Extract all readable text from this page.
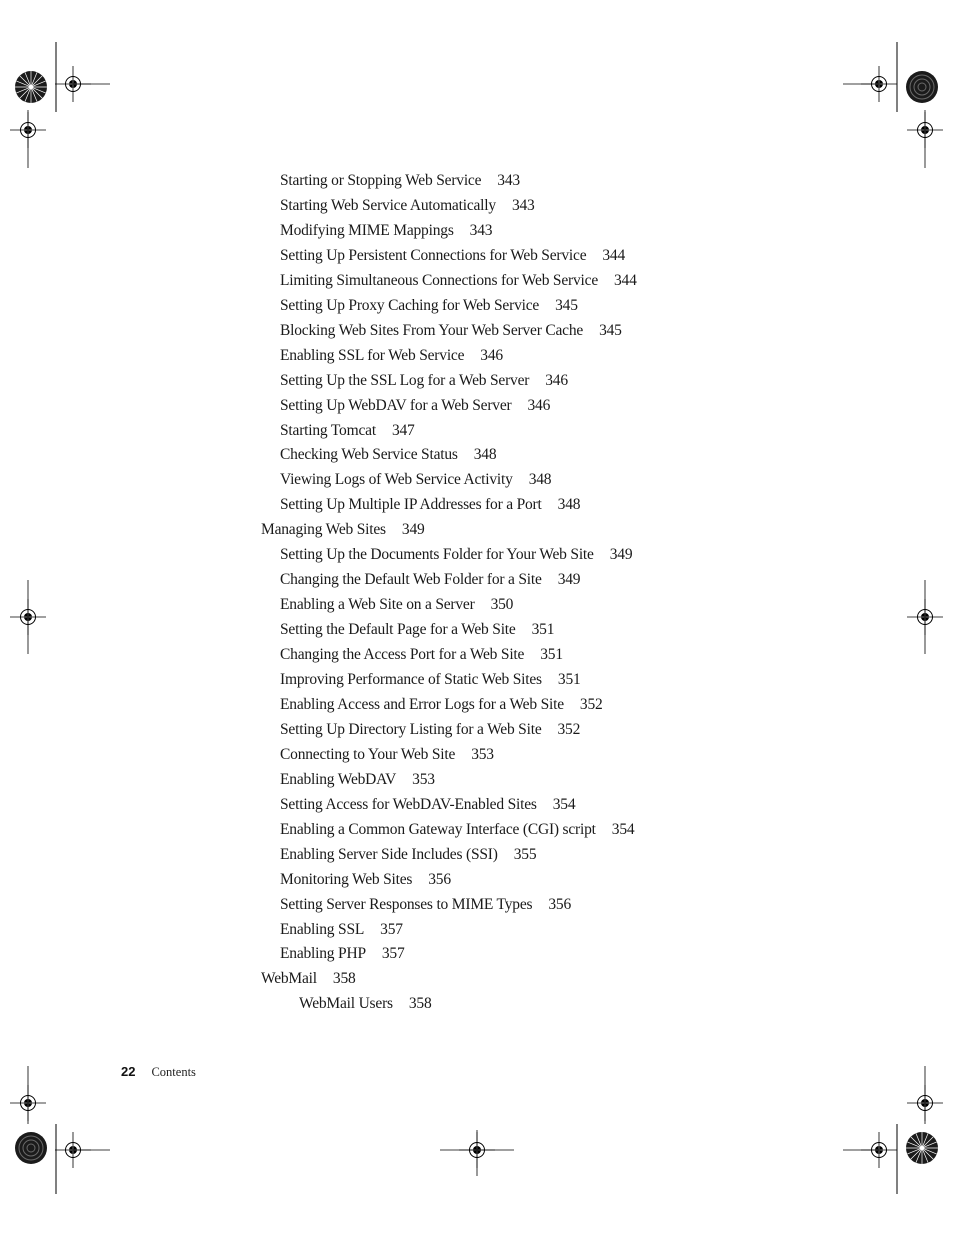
Starting or Stopping Web Service 343
Starting Web Service Automatically 343
Modifying MIME Mappings 343
Setting Up Persistent Connections for Web Service 344
Limiting Simultaneous Connections for Web Service 344
Setting Up Proxy Caching for Web Service 345
Blocking Web Sites From Your Web Server Cache 345
Enabling SSL for Web Service 346
Setting Up the SSL Log for a Web Server 346
Setting Up WebDAV for a Web Server 346
Starting Tomcat 347
Checking Web Service Status 348
Viewing Logs of Web Service Activity 348
Setting Up Multiple IP Addresses for a Port 348
Managing Web Sites 349
Setting Up the Documents Folder for Your Web Site 349
Changing the Default Web Folder for a Site 349
Enabling a Web Site on a Server 350
Setting the Default Page for a Web Site 351
Changing the Access Port for a Web Site 351
Improving Performance of Static Web Sites 351
Enabling Access and Error Logs for a Web Site 352
Setting Up Directory Listing for a Web Site 352
Connecting to Your Web Site 353
Enabling WebDAV 353
Setting Access for WebDAV-Enabled Sites 354
Enabling a Common Gateway Interface (CGI) script 354
Enabling Server Side Includes (SSI) 355
Monitoring Web Sites 356
Setting Server Responses to MIME Types 356
Enabling SSL 357
Enabling PHP 357
WebMail 358
WebMail Users 358
22 Contents
